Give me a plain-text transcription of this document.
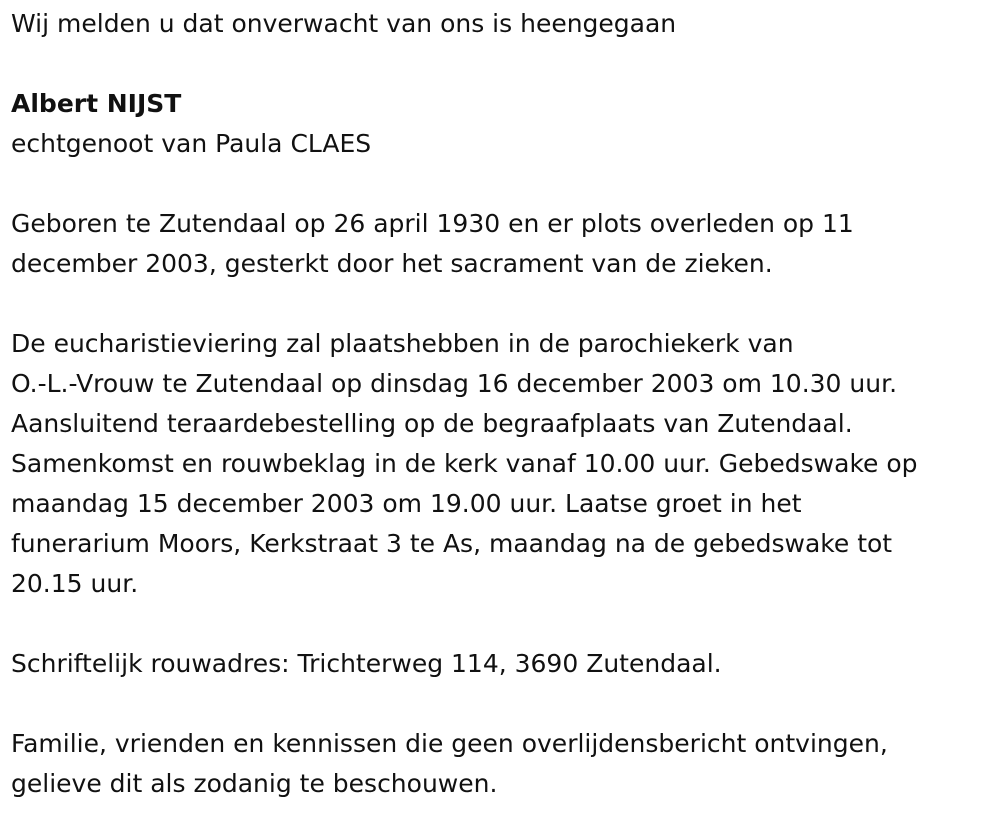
Wij melden u dat onverwacht van ons is heengegaan

Albert NIJST

echtgenoot van Paula CLAES

Geboren te Zutendaal op 26 april 1930 en er plots overleden op 11

december 2003, gesterkt door het sacrament van de zieken.

De eucharistieviering zal plaatshebben in de parochiekerk van

O.-L.-Vrouw te Zutendaal op dinsdag 16 december 2003 om 10.30 uur.

Aansluitend teraardebestelling op de begraafplaats van Zutendaal.

Samenkomst en rouwbeklag in de kerk vanaf 10.00 uur. Gebedswake op

maandag 15 december 2003 om 19.00 uur. Laatse groet in het

funerarium Moors, Kerkstraat 3 te As, maandag na de gebedswake tot

20.15 uur.

Schriftelijk rouwadres: Trichterweg 114, 3690 Zutendaal.

Familie, vrienden en kennissen die geen overlijdensbericht ontvingen,

gelieve dit als zodanig te beschouwen.
